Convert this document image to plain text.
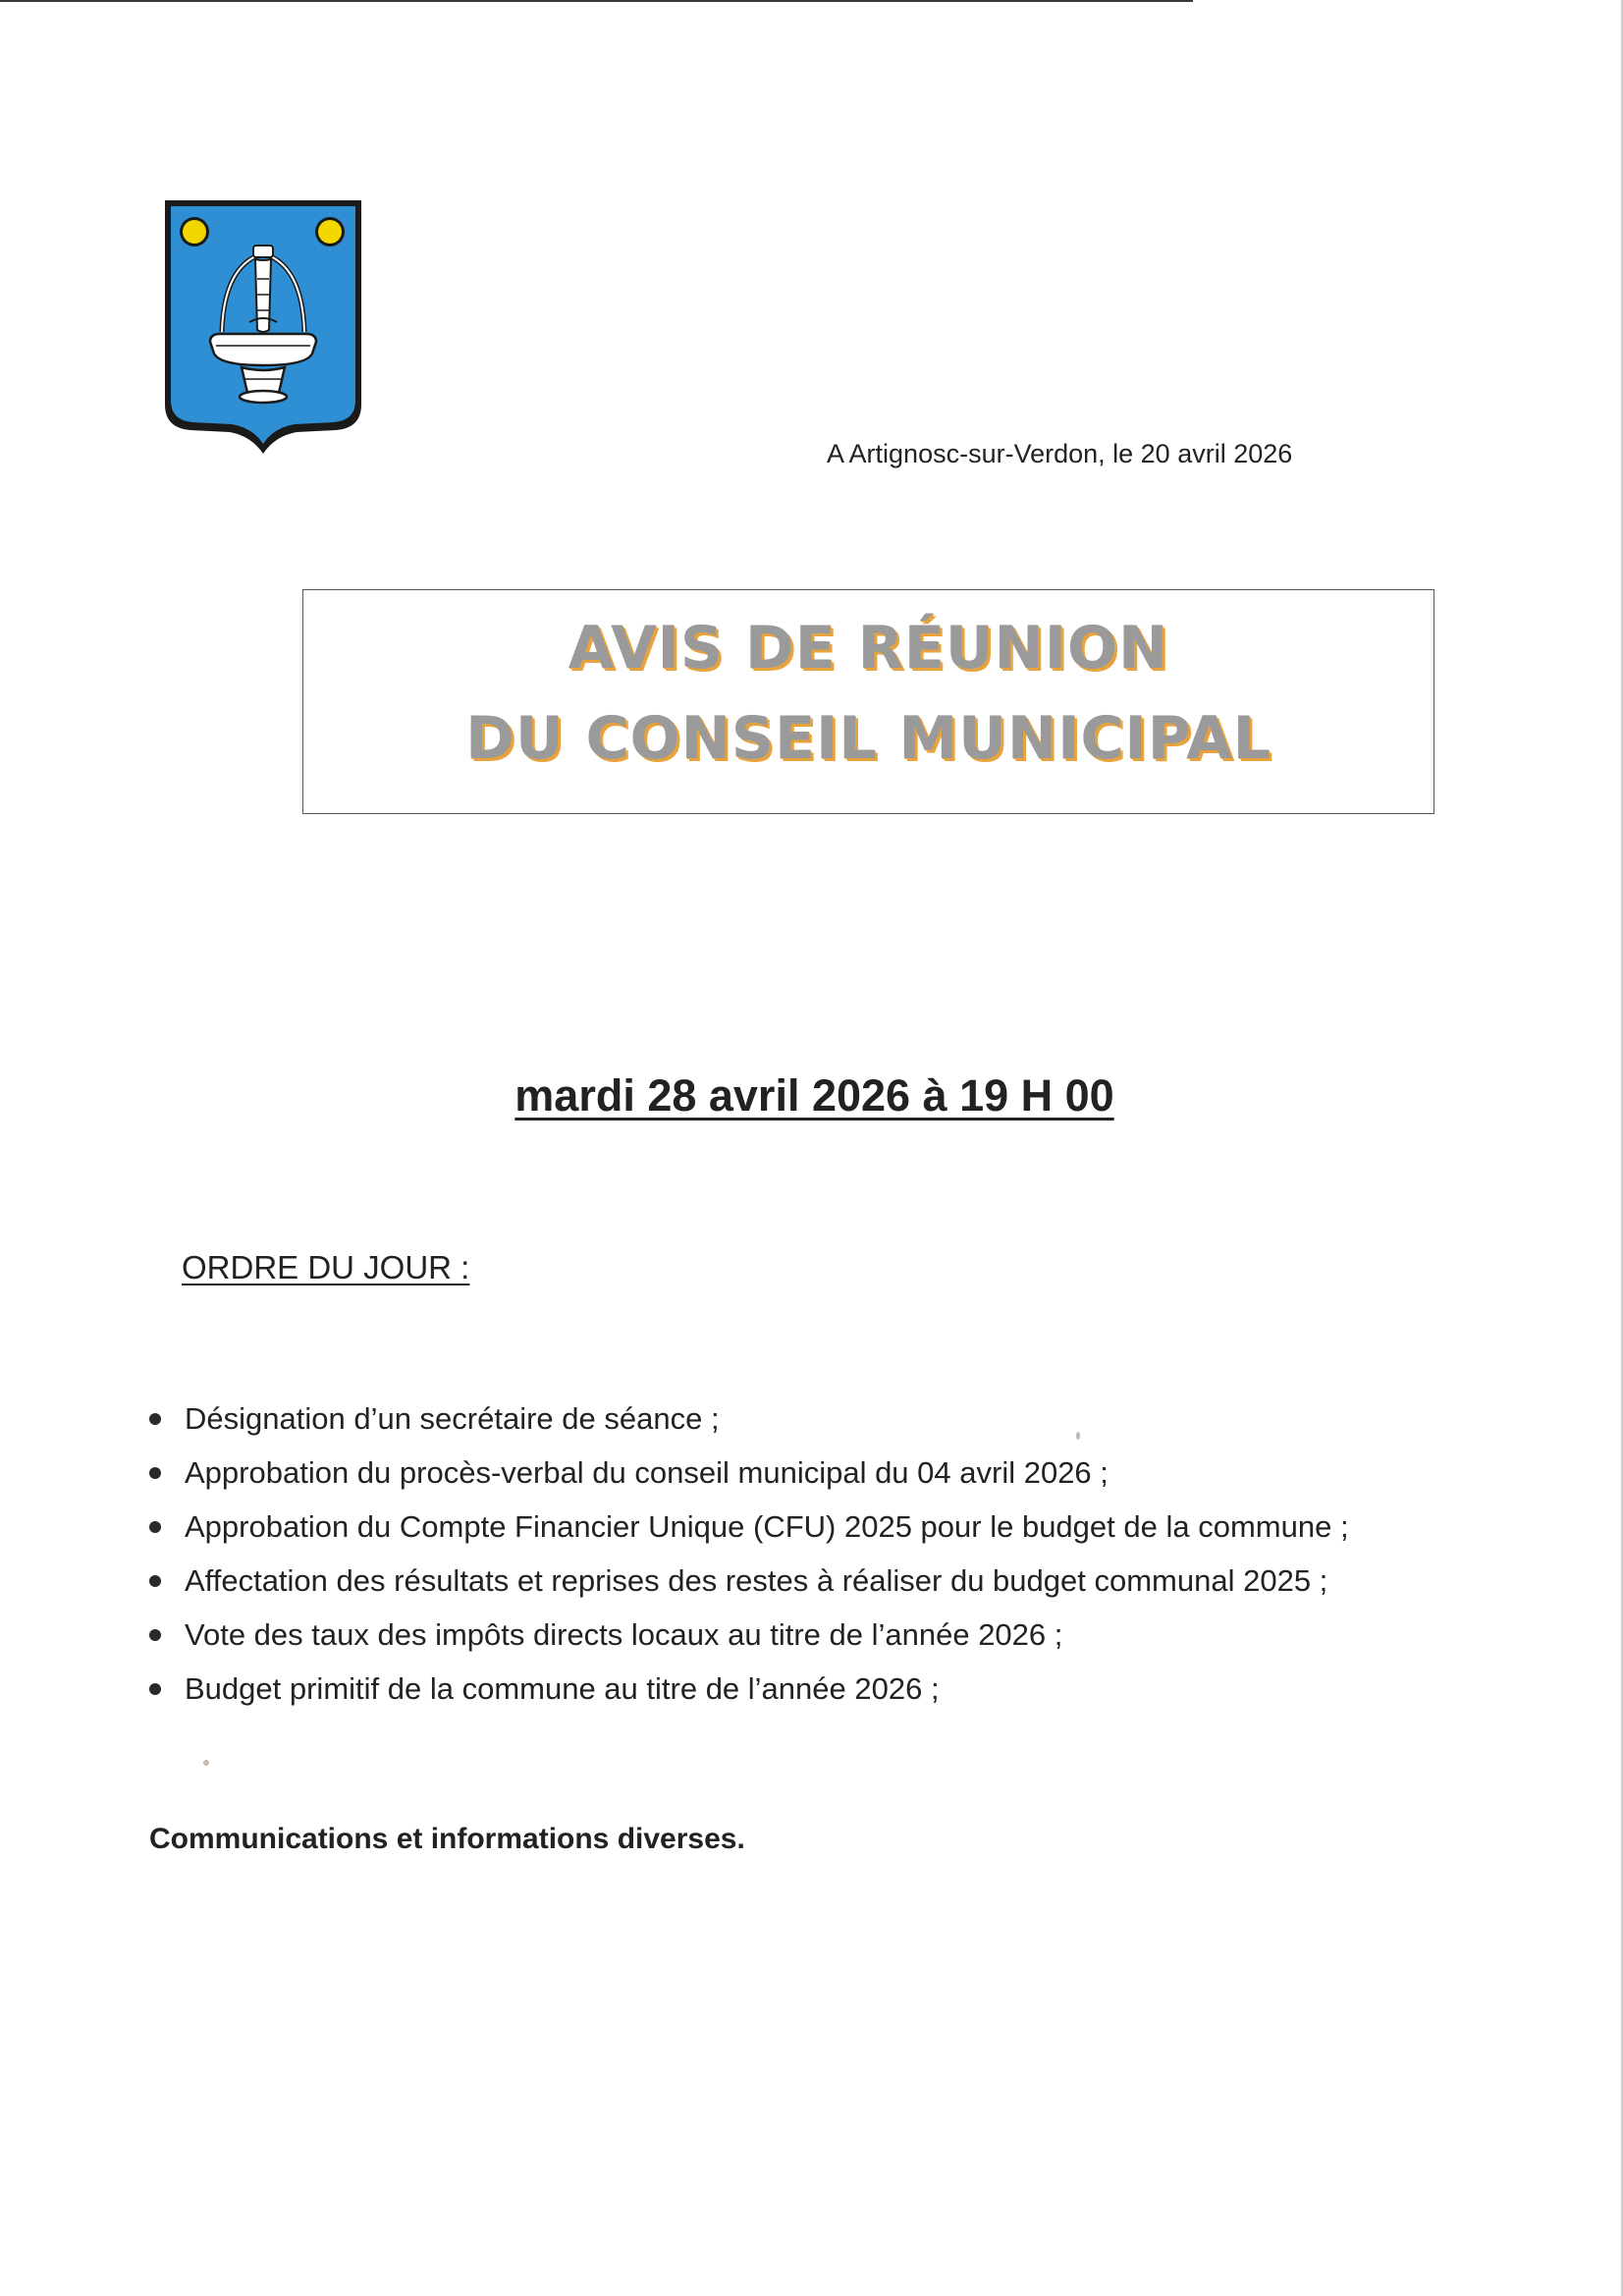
A Artignosc-sur-Verdon, le 20 avril 2026
AVIS DE RÉUNION
DU CONSEIL MUNICIPAL
mardi 28 avril 2026 à 19 H 00
ORDRE DU JOUR :
Désignation d’un secrétaire de séance ;
Approbation du procès-verbal du conseil municipal du 04 avril 2026 ;
Approbation du Compte Financier Unique (CFU) 2025 pour le budget de la commune ;
Affectation des résultats et reprises des restes à réaliser du budget communal 2025 ;
Vote des taux des impôts directs locaux au titre de l’année 2026 ;
Budget primitif de la commune au titre de l’année 2026 ;
Communications et informations diverses.
